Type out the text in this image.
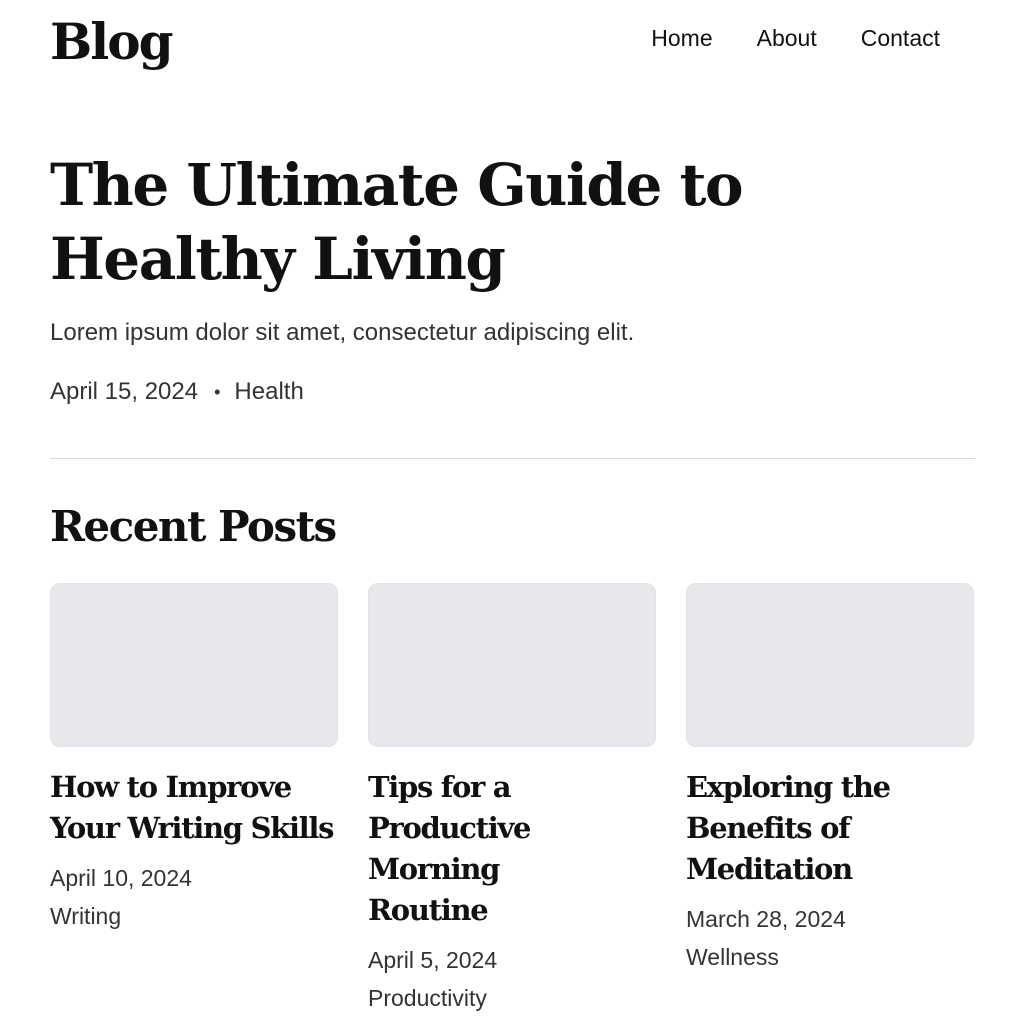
Blog	Home About Contact
The Ultimate Guide to Healthy Living

Lorem ipsum dolor sit amet, consectetur adipiscing elit.

April 15, 2024 • Health
Recent Posts
How to Improve
Your Writing Skills
April 10, 2024
Writing
Tips for a
Productive Morning
Routine
April 5, 2024
Productivity
Exploring the
Benefits of
Meditation
March 28, 2024
Wellness
